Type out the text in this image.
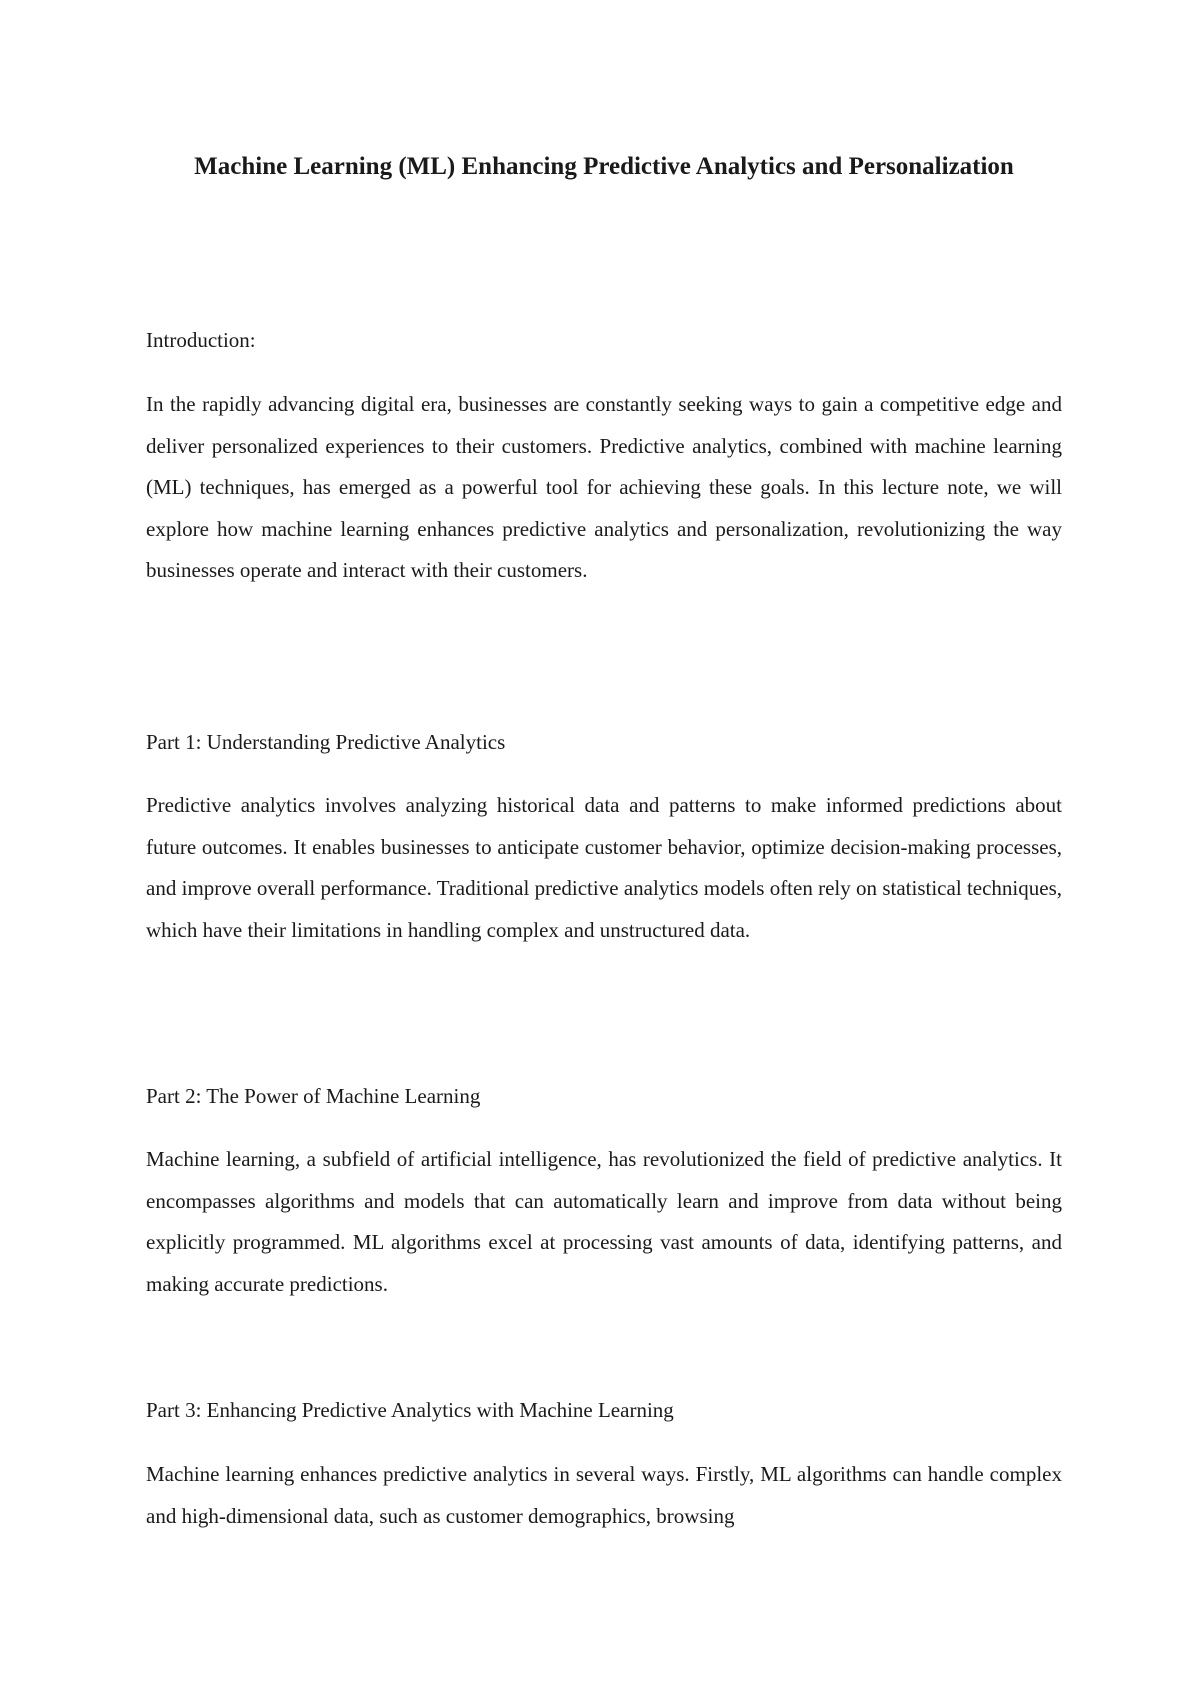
Machine Learning (ML) Enhancing Predictive Analytics and Personalization
Introduction:

In the rapidly advancing digital era, businesses are constantly seeking ways to gain a competitive edge and deliver personalized experiences to their customers. Predictive analytics, combined with machine learning (ML) techniques, has emerged as a powerful tool for achieving these goals. In this lecture note, we will explore how machine learning enhances predictive analytics and personalization, revolutionizing the way businesses operate and interact with their customers.

Part 1: Understanding Predictive Analytics

Predictive analytics involves analyzing historical data and patterns to make informed predictions about future outcomes. It enables businesses to anticipate customer behavior, optimize decision-making processes, and improve overall performance. Traditional predictive analytics models often rely on statistical techniques, which have their limitations in handling complex and unstructured data.

Part 2: The Power of Machine Learning

Machine learning, a subfield of artificial intelligence, has revolutionized the field of predictive analytics. It encompasses algorithms and models that can automatically learn and improve from data without being explicitly programmed. ML algorithms excel at processing vast amounts of data, identifying patterns, and making accurate predictions.

Part 3: Enhancing Predictive Analytics with Machine Learning

Machine learning enhances predictive analytics in several ways. Firstly, ML algorithms can handle complex and high-dimensional data, such as customer demographics, browsing
